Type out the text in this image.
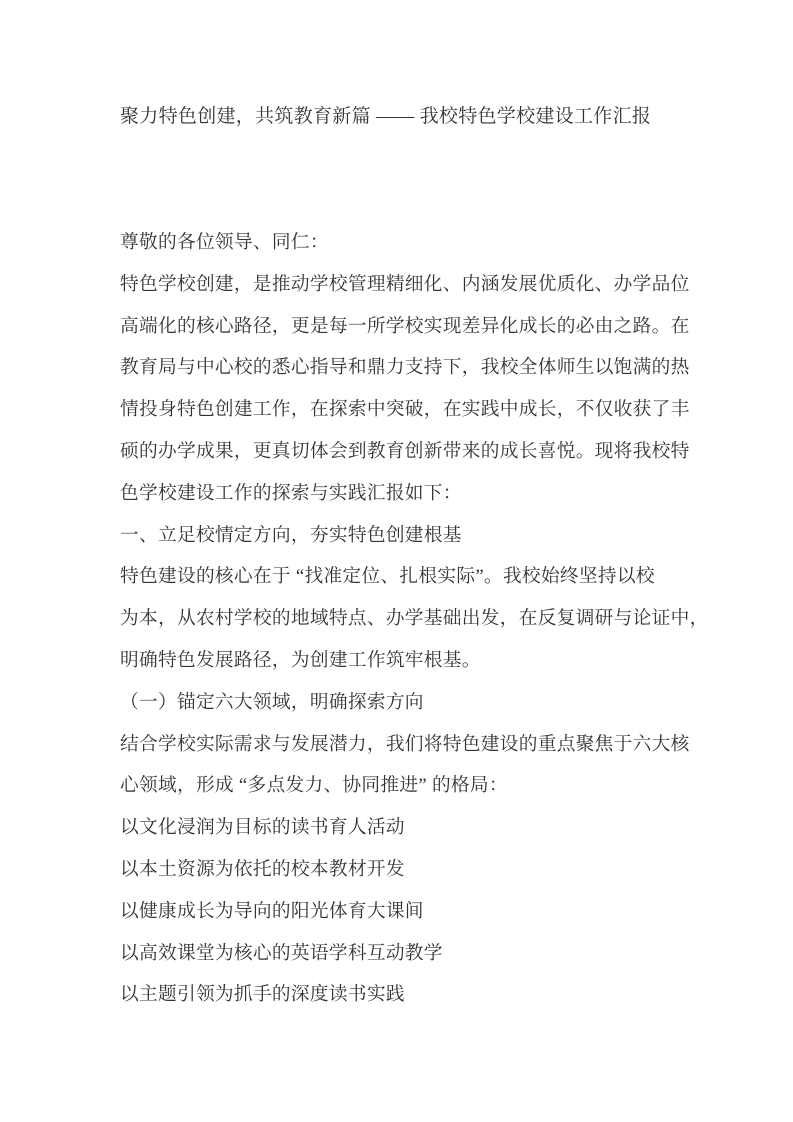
聚力特色创建，共筑教育新篇 —— 我校特色学校建设工作汇报
尊敬的各位领导、同仁：
特色学校创建，是推动学校管理精细化、内涵发展优质化、办学品位
高端化的核心路径，更是每一所学校实现差异化成长的必由之路。在
教育局与中心校的悉心指导和鼎力支持下，我校全体师生以饱满的热
情投身特色创建工作，在探索中突破，在实践中成长，不仅收获了丰
硕的办学成果，更真切体会到教育创新带来的成长喜悦。现将我校特
色学校建设工作的探索与实践汇报如下：
一、立足校情定方向，夯实特色创建根基
特色建设的核心在于 “找准定位、扎根实际”。我校始终坚持以校
为本，从农村学校的地域特点、办学基础出发，在反复调研与论证中，
明确特色发展路径，为创建工作筑牢根基。
（一）锚定六大领域，明确探索方向
结合学校实际需求与发展潜力，我们将特色建设的重点聚焦于六大核
心领域，形成 “多点发力、协同推进” 的格局：
以文化浸润为目标的读书育人活动
以本土资源为依托的校本教材开发
以健康成长为导向的阳光体育大课间
以高效课堂为核心的英语学科互动教学
以主题引领为抓手的深度读书实践
